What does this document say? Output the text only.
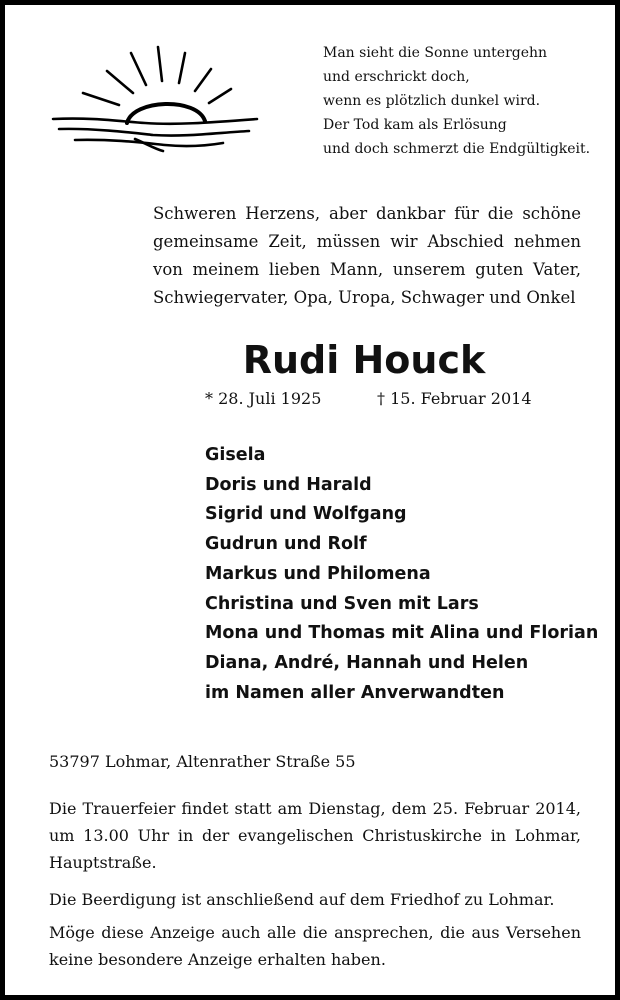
Man sieht die Sonne untergehn
und erschrickt doch,
wenn es plötzlich dunkel wird.
Der Tod kam als Erlösung
und doch schmerzt die Endgültigkeit.
Schweren Herzens, aber dankbar für die schöne
gemeinsame Zeit, müssen wir Abschied nehmen
von meinem lieben Mann, unserem guten Vater,
Schwiegervater, Opa, Uropa, Schwager und Onkel
Rudi Houck
* 28. Juli 1925	† 15. Februar 2014
Gisela
Doris und Harald
Sigrid und Wolfgang
Gudrun und Rolf
Markus und Philomena
Christina und Sven mit Lars
Mona und Thomas mit Alina und Florian
Diana, André, Hannah und Helen
im Namen aller Anverwandten
53797 Lohmar, Altenrather Straße 55
Die Trauerfeier findet statt am Dienstag, dem 25. Februar 2014,
um 13.00 Uhr in der evangelischen Christuskirche in Lohmar,
Hauptstraße.
Die Beerdigung ist anschließend auf dem Friedhof zu Lohmar.
Möge diese Anzeige auch alle die ansprechen, die aus Versehen
keine besondere Anzeige erhalten haben.
